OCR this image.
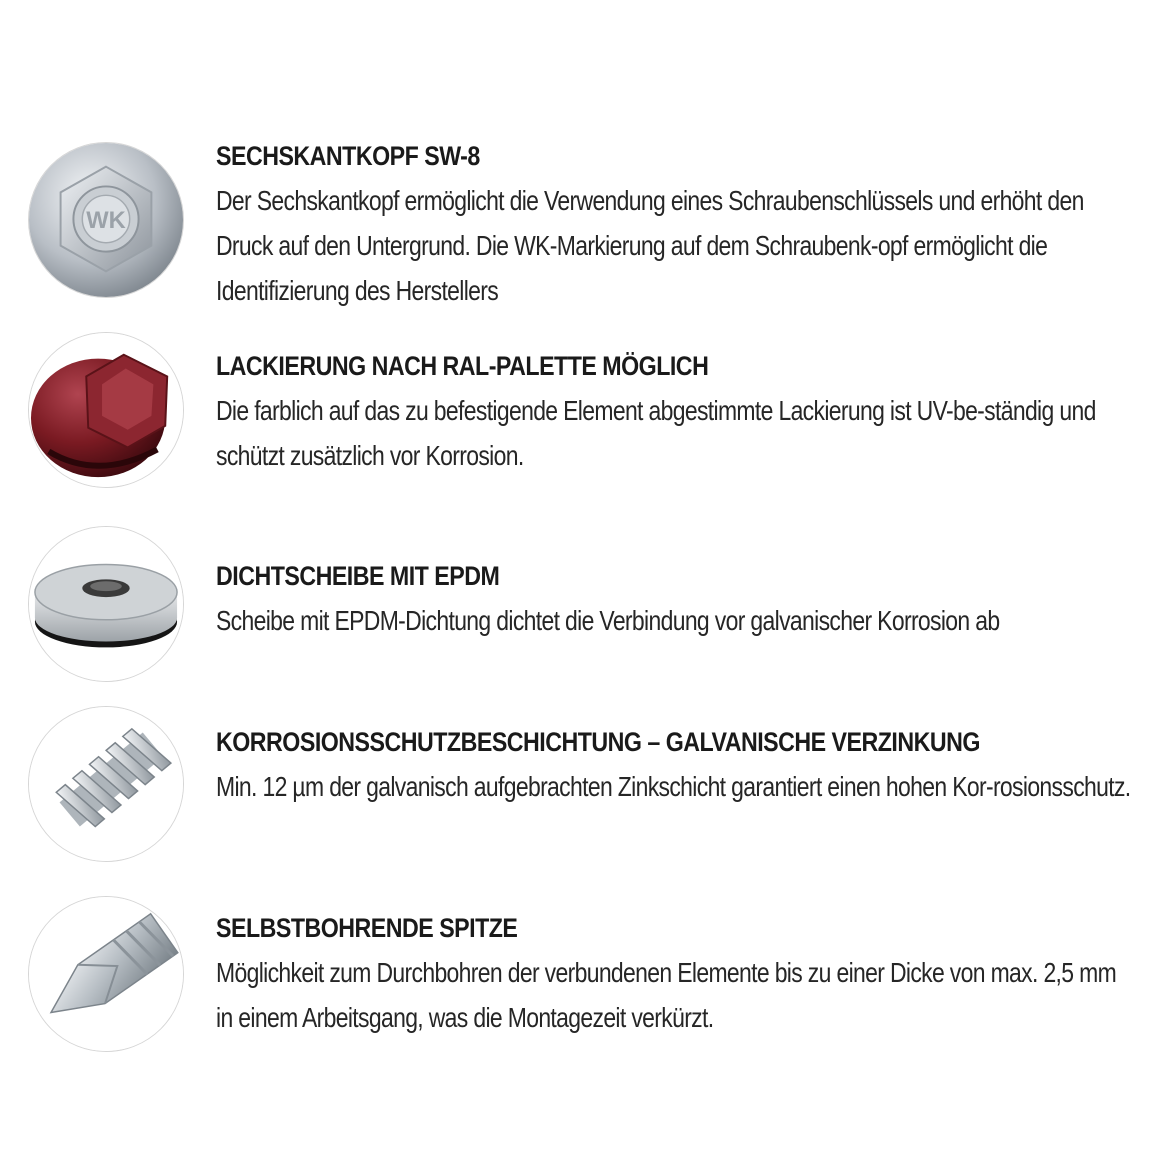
WK
SECHSKANTKOPF SW-8
Der Sechskantkopf ermöglicht die Verwendung eines Schraubenschlüssels und erhöht den Druck auf den Untergrund. Die WK-Markierung auf dem Schraubenk-opf ermöglicht die Identifizierung des Herstellers
LACKIERUNG NACH RAL-PALETTE MÖGLICH
Die farblich auf das zu befestigende Element abgestimmte Lackierung ist UV-be-ständig und schützt zusätzlich vor Korrosion.
DICHTSCHEIBE MIT EPDM
Scheibe mit EPDM-Dichtung dichtet die Verbindung vor galvanischer Korrosion ab
KORROSIONSSCHUTZBESCHICHTUNG – GALVANISCHE VERZINKUNG
Min. 12 µm der galvanisch aufgebrachten Zinkschicht garantiert einen hohen Kor-rosionsschutz.
SELBSTBOHRENDE SPITZE
Möglichkeit zum Durchbohren der verbundenen Elemente bis zu einer Dicke von max. 2,5 mm in einem Arbeitsgang, was die Montagezeit verkürzt.
